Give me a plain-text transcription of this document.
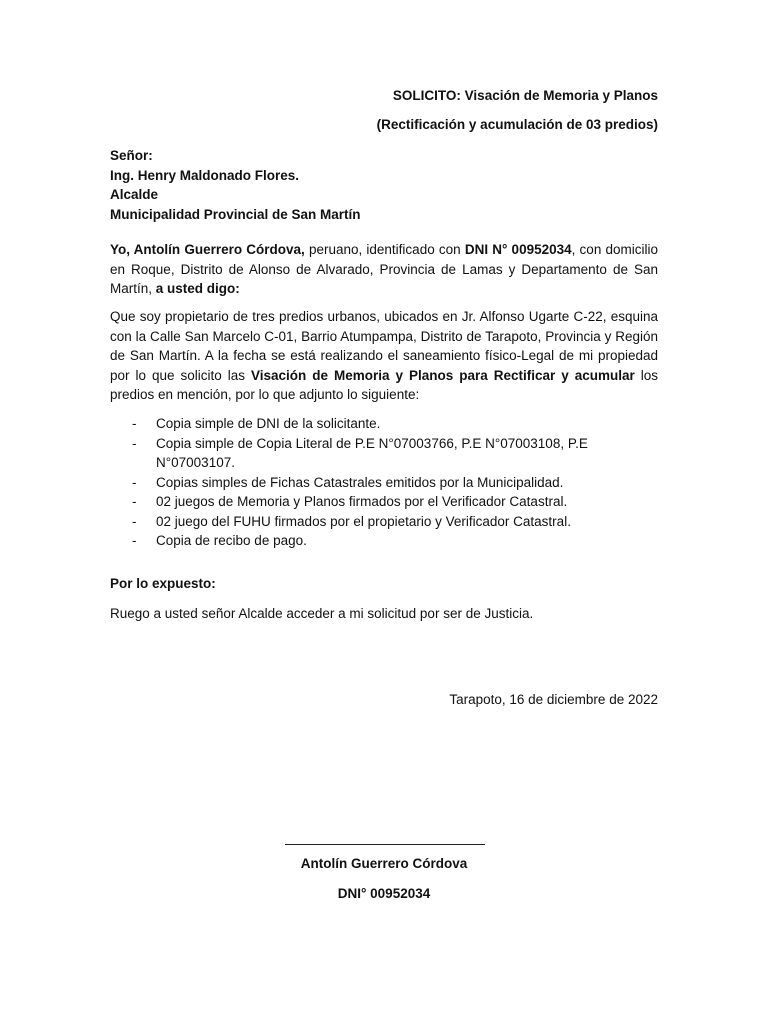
SOLICITO: Visación de Memoria y Planos
(Rectificación y acumulación de 03 predios)
Señor:
Ing. Henry Maldonado Flores.
Alcalde
Municipalidad Provincial de San Martín
Yo, Antolín Guerrero Córdova, peruano, identificado con DNI N° 00952034, con domicilio en Roque, Distrito de Alonso de Alvarado, Provincia de Lamas y Departamento de San Martín, a usted digo:
Que soy propietario de tres predios urbanos, ubicados en Jr. Alfonso Ugarte C-22, esquina con la Calle San Marcelo C-01, Barrio Atumpampa, Distrito de Tarapoto, Provincia y Región de San Martín. A la fecha se está realizando el saneamiento físico-Legal de mi propiedad por lo que solicito las Visación de Memoria y Planos para Rectificar y acumular los predios en mención, por lo que adjunto lo siguiente:
- Copia simple de DNI de la solicitante.
- Copia simple de Copia Literal de P.E N°07003766, P.E N°07003108, P.E N°07003107.
- Copias simples de Fichas Catastrales emitidos por la Municipalidad.
- 02 juegos de Memoria y Planos firmados por el Verificador Catastral.
- 02 juego del FUHU firmados por el propietario y Verificador Catastral.
- Copia de recibo de pago.
Por lo expuesto:
Ruego a usted señor Alcalde acceder a mi solicitud por ser de Justicia.
Tarapoto, 16 de diciembre de 2022
Antolín Guerrero Córdova
DNI° 00952034
